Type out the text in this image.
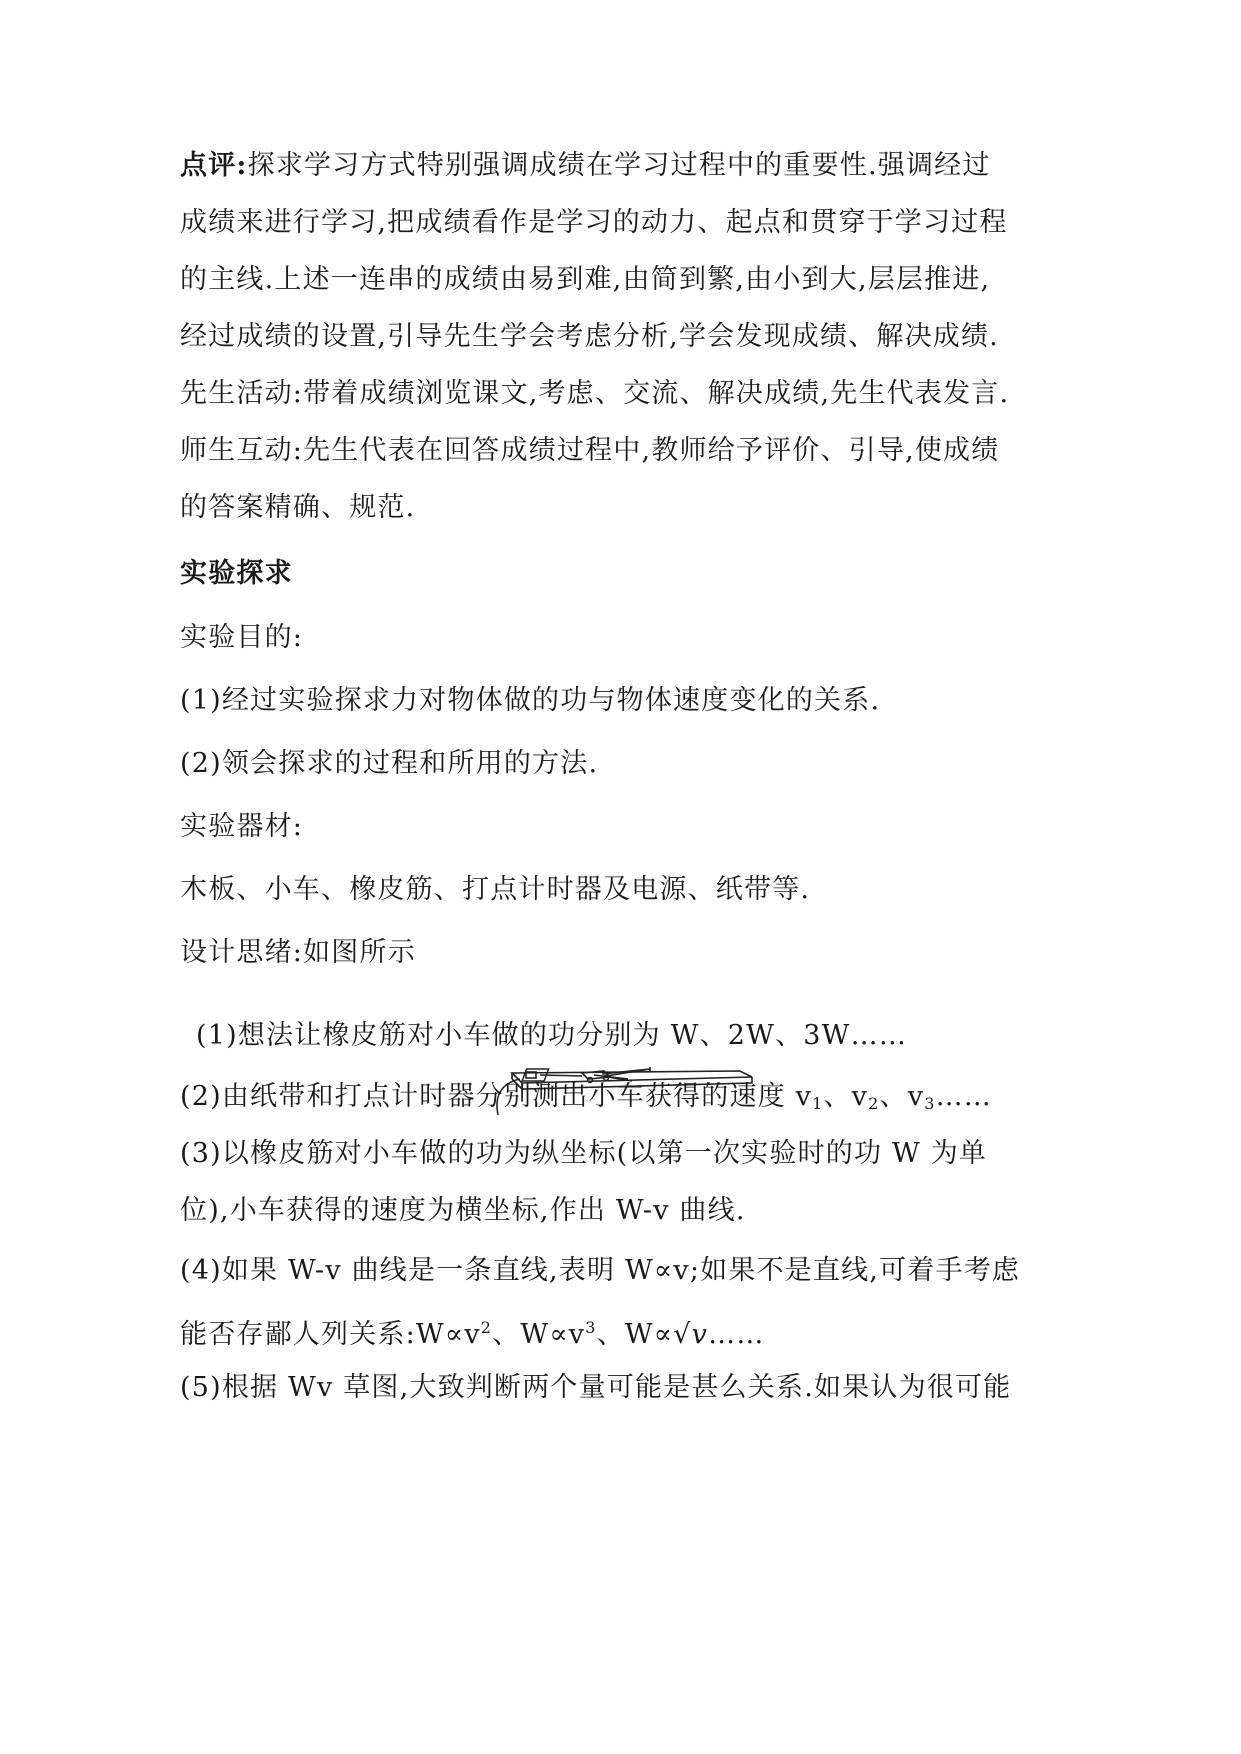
点评:探求学习方式特别强调成绩在学习过程中的重要性.强调经过
成绩来进行学习,把成绩看作是学习的动力、起点和贯穿于学习过程
的主线.上述一连串的成绩由易到难,由简到繁,由小到大,层层推进,
经过成绩的设置,引导先生学会考虑分析,学会发现成绩、解决成绩.
先生活动:带着成绩浏览课文,考虑、交流、解决成绩,先生代表发言.
师生互动:先生代表在回答成绩过程中,教师给予评价、引导,使成绩
的答案精确、规范.
实验探求
实验目的:
(1)经过实验探求力对物体做的功与物体速度变化的关系.
(2)领会探求的过程和所用的方法.
实验器材:
木板、小车、橡皮筋、打点计时器及电源、纸带等.
设计思绪:如图所示
(1)想法让橡皮筋对小车做的功分别为 W、2W、3W……
(2)由纸带和打点计时器分别测出小车获得的速度 $v_1$、$v_2$、$v_3\dots\dots$
(3)以橡皮筋对小车做的功为纵坐标(以第一次实验时的功 W 为单
位),小车获得的速度为横坐标,作出 W-v 曲线.
(4)如果 W-v 曲线是一条直线,表明 W∝v;如果不是直线,可着手考虑
能否存鄙人列关系$:W\propto v^2$、$W\propto v^3$、W∝√v……
(5)根据 Wv 草图,大致判断两个量可能是甚么关系.如果认为很可能
